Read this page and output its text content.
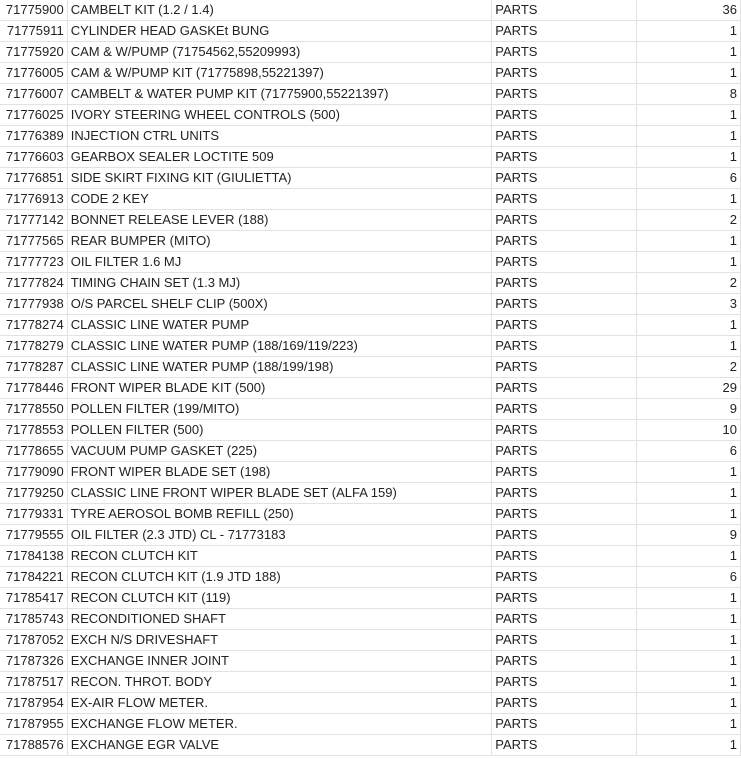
71775900	CAMBELT KIT (1.2 / 1.4)	PARTS	36
71775911	CYLINDER HEAD GASKEt BUNG	PARTS	1
71775920	CAM & W/PUMP (71754562,55209993)	PARTS	1
71776005	CAM & W/PUMP KIT (71775898,55221397)	PARTS	1
71776007	CAMBELT & WATER PUMP KIT (71775900,55221397)	PARTS	8
71776025	IVORY STEERING WHEEL CONTROLS (500)	PARTS	1
71776389	INJECTION CTRL UNITS	PARTS	1
71776603	GEARBOX SEALER LOCTITE 509	PARTS	1
71776851	SIDE SKIRT FIXING KIT (GIULIETTA)	PARTS	6
71776913	CODE 2 KEY	PARTS	1
71777142	BONNET RELEASE LEVER (188)	PARTS	2
71777565	REAR BUMPER (MITO)	PARTS	1
71777723	OIL FILTER 1.6 MJ	PARTS	1
71777824	TIMING CHAIN SET (1.3 MJ)	PARTS	2
71777938	O/S PARCEL SHELF CLIP (500X)	PARTS	3
71778274	CLASSIC LINE WATER PUMP	PARTS	1
71778279	CLASSIC LINE WATER PUMP (188/169/119/223)	PARTS	1
71778287	CLASSIC LINE WATER PUMP (188/199/198)	PARTS	2
71778446	FRONT WIPER BLADE KIT (500)	PARTS	29
71778550	POLLEN FILTER (199/MITO)	PARTS	9
71778553	POLLEN FILTER (500)	PARTS	10
71778655	VACUUM PUMP GASKET (225)	PARTS	6
71779090	FRONT WIPER BLADE SET (198)	PARTS	1
71779250	CLASSIC LINE FRONT WIPER BLADE SET (ALFA 159)	PARTS	1
71779331	TYRE AEROSOL BOMB REFILL (250)	PARTS	1
71779555	OIL FILTER (2.3 JTD) CL - 71773183	PARTS	9
71784138	RECON CLUTCH KIT	PARTS	1
71784221	RECON CLUTCH KIT (1.9 JTD 188)	PARTS	6
71785417	RECON CLUTCH KIT (119)	PARTS	1
71785743	RECONDITIONED SHAFT	PARTS	1
71787052	EXCH N/S DRIVESHAFT	PARTS	1
71787326	EXCHANGE INNER JOINT	PARTS	1
71787517	RECON. THROT. BODY	PARTS	1
71787954	EX-AIR FLOW METER.	PARTS	1
71787955	EXCHANGE FLOW METER.	PARTS	1
71788576	EXCHANGE EGR VALVE	PARTS	1
